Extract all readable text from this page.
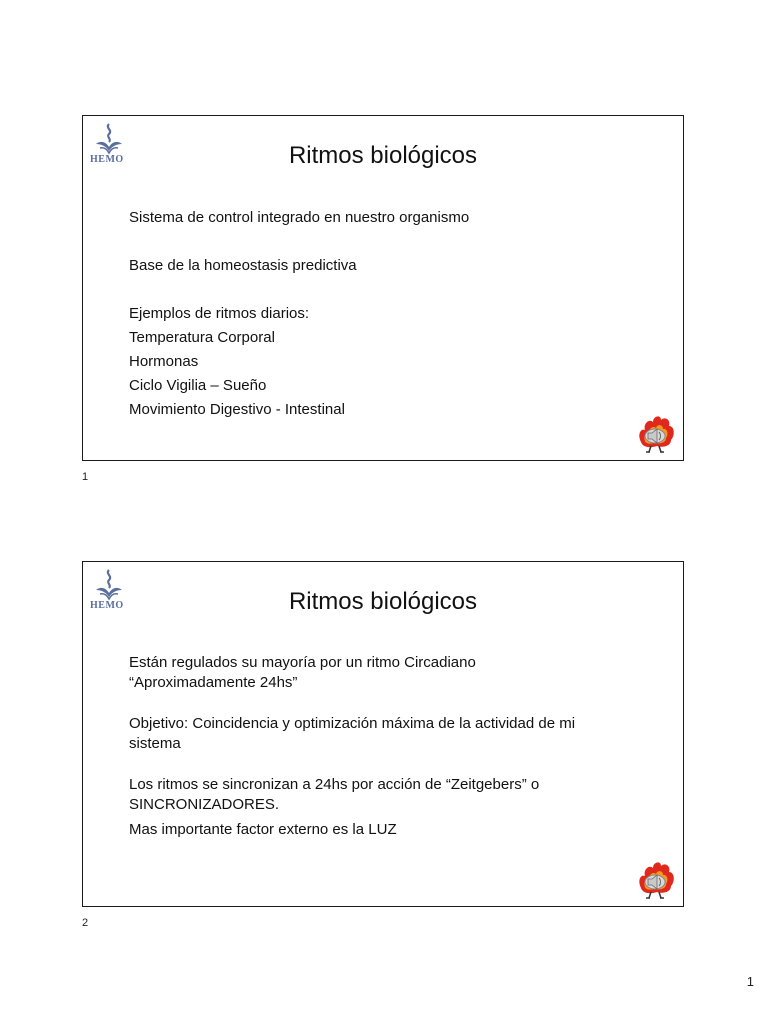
HEMO	Ritmos biológicos

Sistema de control integrado en nuestro organismo

Base de la homeostasis predictiva

Ejemplos de ritmos diarios:
Temperatura Corporal
Hormonas
Ciclo Vigilia – Sueño
Movimiento Digestivo - Intestinal

1
HEMO	Ritmos biológicos

Están regulados su mayoría por un ritmo Circadiano
“Aproximadamente 24hs”

Objetivo: Coincidencia y optimización máxima de la actividad de mi
sistema

Los ritmos se sincronizan a 24hs por acción de “Zeitgebers” o
SINCRONIZADORES.

Mas importante factor externo es la LUZ

2
1
